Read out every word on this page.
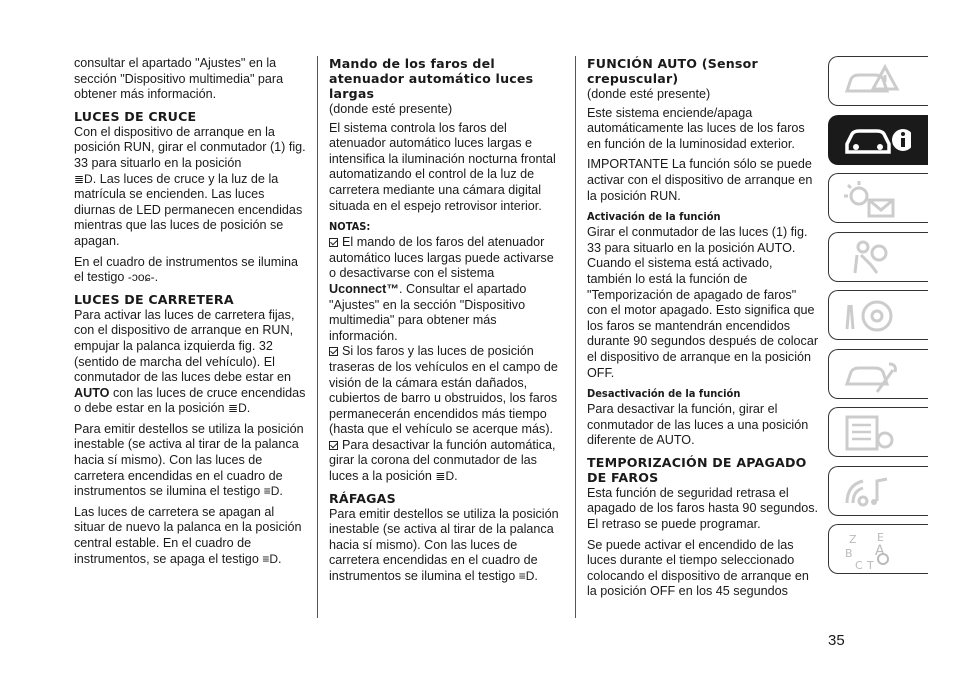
consultar el apartado "Ajustes" en la sección "Dispositivo multimedia" para obtener más información.

LUCES DE CRUCE

Con el dispositivo de arranque en la posición RUN, girar el conmutador (1) fig. 33 para situarlo en la posición
≣D. Las luces de cruce y la luz de la matrícula se encienden. Las luces diurnas de LED permanecen encendidas mientras que las luces de posición se apagan.

En el cuadro de instrumentos se ilumina el testigo -ɔoɕ-.

LUCES DE CARRETERA

Para activar las luces de carretera fijas, con el dispositivo de arranque en RUN, empujar la palanca izquierda fig. 32 (sentido de marcha del vehículo). El conmutador de las luces debe estar en
AUTO con las luces de cruce encendidas o debe estar en la posición ≣D.

Para emitir destellos se utiliza la posición inestable (se activa al tirar de la palanca hacia sí mismo). Con las luces de carretera encendidas en el cuadro de instrumentos se ilumina el testigo ≡D.

Las luces de carretera se apagan al situar de nuevo la palanca en la posición central estable. En el cuadro de instrumentos, se apaga el testigo ≡D.

Mando de los faros del atenuador automático luces largas

(donde esté presente)

El sistema controla los faros del atenuador automático luces largas e intensifica la iluminación nocturna frontal automatizando el control de la luz de carretera mediante una cámara digital situada en el espejo retrovisor interior.

NOTAS:

El mando de los faros del atenuador automático luces largas puede activarse o desactivarse con el sistema Uconnect™. Consultar el apartado "Ajustes" en la sección "Dispositivo multimedia" para obtener más información.

Si los faros y las luces de posición traseras de los vehículos en el campo de visión de la cámara están dañados, cubiertos de barro u obstruidos, los faros permanecerán encendidos más tiempo (hasta que el vehículo se acerque más).

Para desactivar la función automática, girar la corona del conmutador de las luces a la posición ≣D.

RÁFAGAS

Para emitir destellos se utiliza la posición inestable (se activa al tirar de la palanca hacia sí mismo). Con las luces de carretera encendidas en el cuadro de instrumentos se ilumina el testigo ≡D.

FUNCIÓN AUTO (Sensor crepuscular)

(donde esté presente)

Este sistema enciende/apaga automáticamente las luces de los faros en función de la luminosidad exterior.

IMPORTANTE La función sólo se puede activar con el dispositivo de arranque en la posición RUN.

Activación de la función

Girar el conmutador de las luces (1) fig. 33 para situarlo en la posición AUTO.

Cuando el sistema está activado, también lo está la función de "Temporización de apagado de faros" con el motor apagado. Esto significa que los faros se mantendrán encendidos durante 90 segundos después de colocar el dispositivo de arranque en la posición OFF.

Desactivación de la función

Para desactivar la función, girar el conmutador de las luces a una posición diferente de AUTO.

TEMPORIZACIÓN DE APAGADO DE FAROS

Esta función de seguridad retrasa el apagado de los faros hasta 90 segundos. El retraso se puede programar.

Se puede activar el encendido de las luces durante el tiempo seleccionado colocando el dispositivo de arranque en la posición OFF en los 45 segundos

Z E
B A
C T
35
